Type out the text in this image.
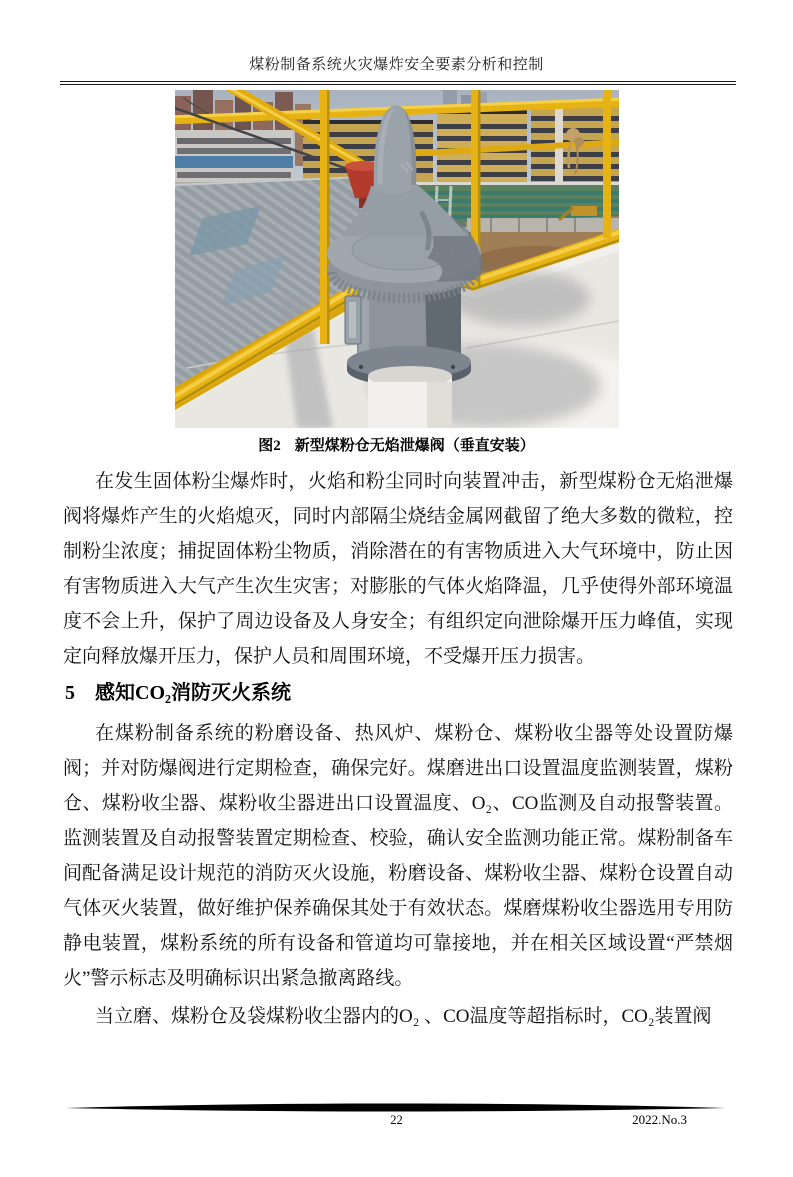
煤粉制备系统火灾爆炸安全要素分析和控制
图2 新型煤粉仓无焰泄爆阀（垂直安装）

在发生固体粉尘爆炸时，火焰和粉尘同时向装置冲击，新型煤粉仓无焰泄爆阀将爆炸产生的火焰熄灭，同时内部隔尘烧结金属网截留了绝大多数的微粒，控制粉尘浓度；捕捉固体粉尘物质，消除潜在的有害物质进入大气环境中，防止因有害物质进入大气产生次生灾害；对膨胀的气体火焰降温，几乎使得外部环境温度不会上升，保护了周边设备及人身安全；有组织定向泄除爆开压力峰值，实现定向释放爆开压力，保护人员和周围环境，不受爆开压力损害。

5 感知CO₂消防灭火系统

在煤粉制备系统的粉磨设备、热风炉、煤粉仓、煤粉收尘器等处设置防爆阀；并对防爆阀进行定期检查，确保完好。煤磨进出口设置温度监测装置，煤粉仓、煤粉收尘器、煤粉收尘器进出口设置温度、O₂、CO监测及自动报警装置。监测装置及自动报警装置定期检查、校验，确认安全监测功能正常。煤粉制备车间配备满足设计规范的消防灭火设施，粉磨设备、煤粉收尘器、煤粉仓设置自动气体灭火装置，做好维护保养确保其处于有效状态。煤磨煤粉收尘器选用专用防静电装置，煤粉系统的所有设备和管道均可靠接地，并在相关区域设置“严禁烟火”警示标志及明确标识出紧急撤离路线。

当立磨、煤粉仓及袋煤粉收尘器内的O₂ 、CO温度等超指标时，CO₂装置阀

22	2022.No.3
